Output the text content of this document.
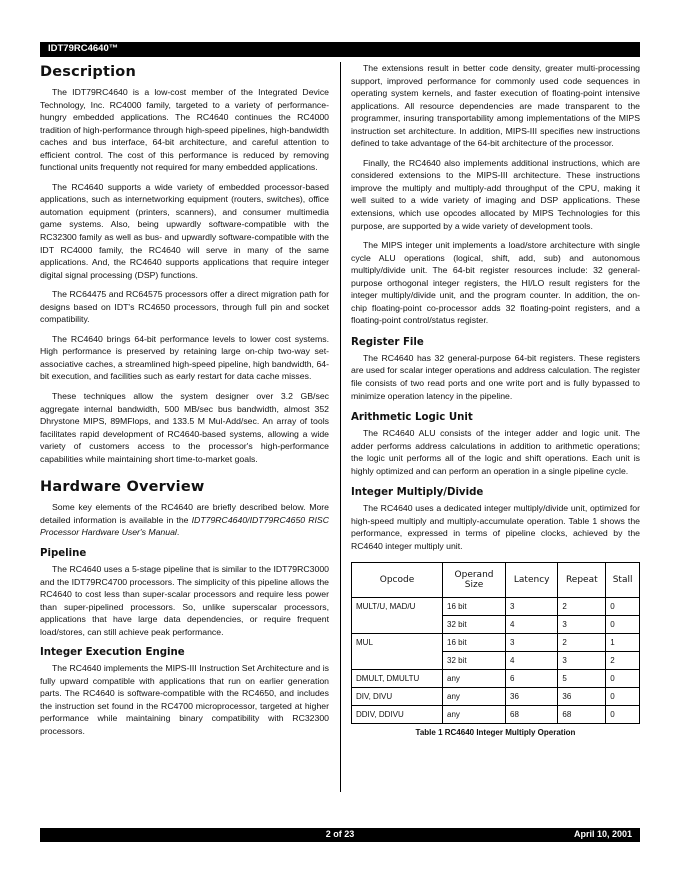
IDT79RC4640™
Description

The IDT79RC4640 is a low-cost member of the Integrated Device Technology, Inc. RC4000 family, targeted to a variety of performance-hungry embedded applications. The RC4640 continues the RC4000 tradition of high-performance through high-speed pipelines, high-bandwidth caches and bus interface, 64-bit architecture, and careful attention to efficient control. The cost of this performance is reduced by removing functional units frequently not required for many embedded applications.

The RC4640 supports a wide variety of embedded processor-based applications, such as internetworking equipment (routers, switches), office automation equipment (printers, scanners), and consumer multimedia game systems. Also, being upwardly software-compatible with the RC32300 family as well as bus- and upwardly software-compatible with the IDT RC4000 family, the RC4640 will serve in many of the same applications. And, the RC4640 supports applications that require integer digital signal processing (DSP) functions.

The RC64475 and RC64575 processors offer a direct migration path for designs based on IDT's RC4650 processors, through full pin and socket compatibility.

The RC4640 brings 64-bit performance levels to lower cost systems. High performance is preserved by retaining large on-chip two-way set-associative caches, a streamlined high-speed pipeline, high bandwidth, 64-bit execution, and facilities such as early restart for data cache misses.

These techniques allow the system designer over 3.2 GB/sec aggregate internal bandwidth, 500 MB/sec bus bandwidth, almost 352 Dhrystone MIPS, 89MFlops, and 133.5 M Mul-Add/sec. An array of tools facilitates rapid development of RC4640-based systems, allowing a wide variety of customers access to the processor's high-performance capabilities while maintaining short time-to-market goals.

Hardware Overview

Some key elements of the RC4640 are briefly described below. More detailed information is available in the IDT79RC4640/IDT79RC4650 RISC Processor Hardware User's Manual.

Pipeline

The RC4640 uses a 5-stage pipeline that is similar to the IDT79RC3000 and the IDT79RC4700 processors. The simplicity of this pipeline allows the RC4640 to cost less than super-scalar processors and require less power than super-pipelined processors. So, unlike superscalar processors, applications that have large data dependencies, or require frequent load/stores, can still achieve peak performance.

Integer Execution Engine

The RC4640 implements the MIPS-III Instruction Set Architecture and is fully upward compatible with applications that run on earlier generation parts. The RC4640 is software-compatible with the RC4650, and includes the instruction set found in the RC4700 microprocessor, targeted at higher performance while maintaining binary compatibility with RC32300 processors.

The extensions result in better code density, greater multi-processing support, improved performance for commonly used code sequences in operating system kernels, and faster execution of floating-point intensive applications. All resource dependencies are made transparent to the programmer, insuring transportability among implementations of the MIPS instruction set architecture. In addition, MIPS-III specifies new instructions defined to take advantage of the 64-bit architecture of the processor.

Finally, the RC4640 also implements additional instructions, which are considered extensions to the MIPS-III architecture. These instructions improve the multiply and multiply-add throughput of the CPU, making it well suited to a wide variety of imaging and DSP applications. These extensions, which use opcodes allocated by MIPS Technologies for this purpose, are supported by a wide variety of development tools.

The MIPS integer unit implements a load/store architecture with single cycle ALU operations (logical, shift, add, sub) and autonomous multiply/divide unit. The 64-bit register resources include: 32 general-purpose orthogonal integer registers, the HI/LO result registers for the integer multiply/divide unit, and the program counter. In addition, the on-chip floating-point co-processor adds 32 floating-point registers, and a floating-point control/status register.

Register File

The RC4640 has 32 general-purpose 64-bit registers. These registers are used for scalar integer operations and address calculation. The register file consists of two read ports and one write port and is fully bypassed to minimize operation latency in the pipeline.

Arithmetic Logic Unit

The RC4640 ALU consists of the integer adder and logic unit. The adder performs address calculations in addition to arithmetic operations; the logic unit performs all of the logic and shift operations. Each unit is highly optimized and can perform an operation in a single pipeline cycle.

Integer Multiply/Divide

The RC4640 uses a dedicated integer multiply/divide unit, optimized for high-speed multiply and multiply-accumulate operation. Table 1 shows the performance, expressed in terms of pipeline clocks, achieved by the RC4640 integer multiply unit.

Opcode	Operand Size	Latency	Repeat	Stall
MULT/U, MAD/U	16 bit	3	2	0
	32 bit	4	3	0
MUL	16 bit	3	2	1
	32 bit	4	3	2
DMULT, DMULTU	any	6	5	0
DIV, DIVU	any	36	36	0
DDIV, DDIVU	any	68	68	0
Table 1 RC4640 Integer Multiply Operation
2 of 23	April 10, 2001
